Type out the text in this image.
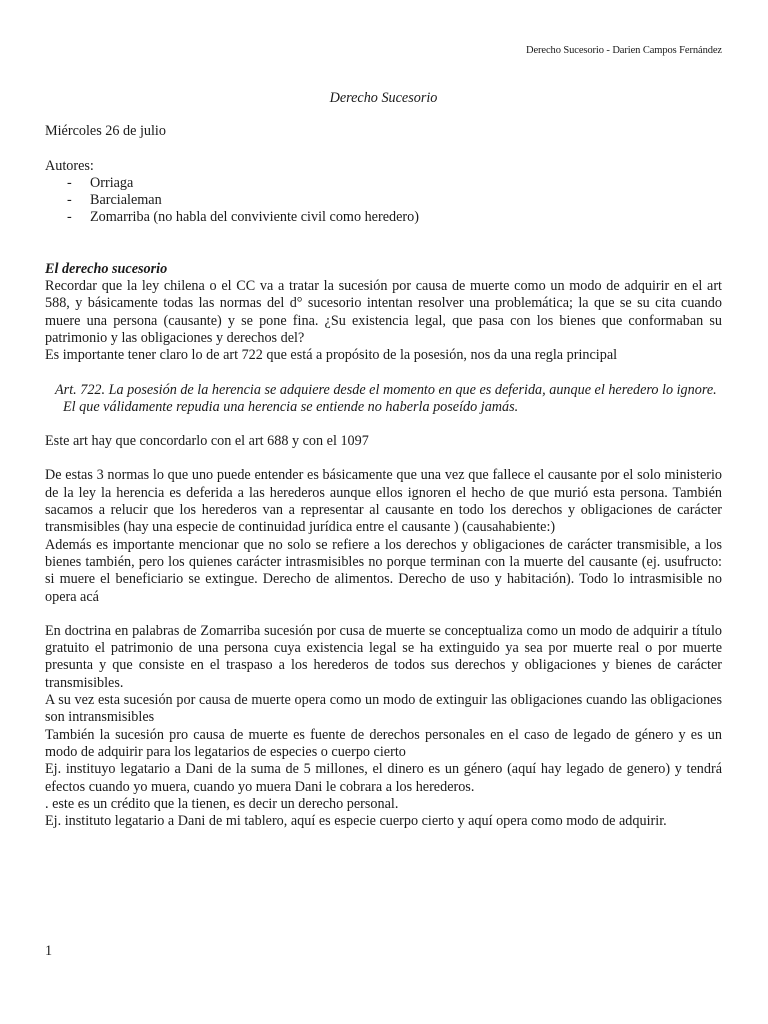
Derecho Sucesorio - Darien Campos Fernández

Derecho Sucesorio

Miércoles 26 de julio

Autores:

- Orriaga
- Barcialeman
- Zomarriba (no habla del conviviente civil como heredero)

El derecho sucesorio

Recordar que la ley chilena o el CC va a tratar la sucesión por causa de muerte como un modo de adquirir en el art 588, y básicamente todas las normas del d° sucesorio intentan resolver una problemática; la que se su cita cuando muere una persona (causante) y se pone fina. ¿Su existencia legal, que pasa con los bienes que conformaban su patrimonio y las obligaciones y derechos del?

Es importante tener claro lo de art 722 que está a propósito de la posesión, nos da una regla principal

Art. 722. La posesión de la herencia se adquiere desde el momento en que es deferida, aunque el heredero lo ignore.

El que válidamente repudia una herencia se entiende no haberla poseído jamás.

Este art hay que concordarlo con el art 688 y con el 1097

De estas 3 normas lo que uno puede entender es básicamente que una vez que fallece el causante por el solo ministerio de la ley la herencia es deferida a las herederos aunque ellos ignoren el hecho de que murió esta persona. También sacamos a relucir que los herederos van a representar al causante en todo los derechos y obligaciones de carácter transmisibles (hay una especie de continuidad jurídica entre el causante ) (causahabiente:)

Además es importante mencionar que no solo se refiere a los derechos y obligaciones de carácter transmisible, a los bienes también, pero los quienes carácter intrasmisibles no porque terminan con la muerte del causante (ej. usufructo: si muere el beneficiario se extingue. Derecho de alimentos. Derecho de uso y habitación). Todo lo intrasmisible no opera acá

En doctrina en palabras de Zomarriba sucesión por cusa de muerte se conceptualiza como un modo de adquirir a título gratuito el patrimonio de una persona cuya existencia legal se ha extinguido ya sea por muerte real o por muerte presunta y que consiste en el traspaso a los herederos de todos sus derechos y obligaciones y bienes de carácter transmisibles.

A su vez esta sucesión por causa de muerte opera como un modo de extinguir las obligaciones cuando las obligaciones son intransmisibles

También la sucesión pro causa de muerte es fuente de derechos personales en el caso de legado de género y es un modo de adquirir para los legatarios de especies o cuerpo cierto

Ej. instituyo legatario a Dani de la suma de 5 millones, el dinero es un género (aquí hay legado de genero) y tendrá efectos cuando yo muera, cuando yo muera Dani le cobrara a los herederos.

. este es un crédito que la tienen, es decir un derecho personal.

Ej. instituto legatario a Dani de mi tablero, aquí es especie cuerpo cierto y aquí opera como modo de adquirir.

1
